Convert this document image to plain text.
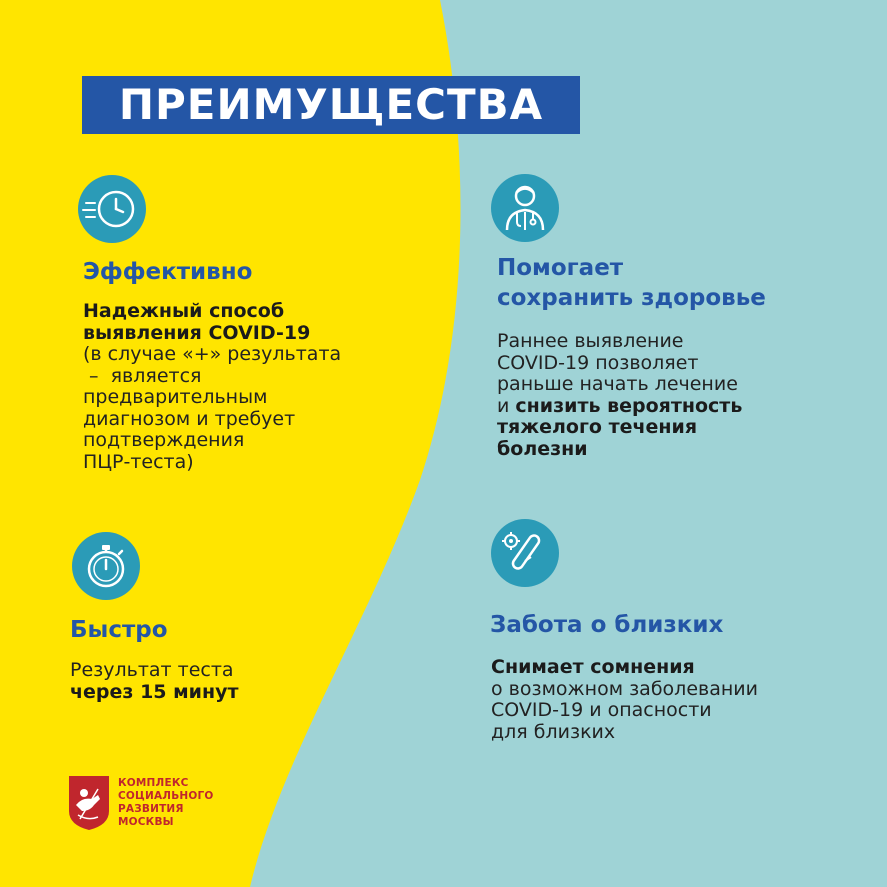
ПРЕИМУЩЕСТВА
Эффективно
Надежный способ
выявления COVID-19
(в случае «+» результата
–  является
предварительным
диагнозом и требует
подтверждения
ПЦР-теста)
Быстро
Результат теста
через 15 минут
Помогает
сохранить здоровье
Раннее выявление
COVID-19 позволяет
раньше начать лечение
и снизить вероятность
тяжелого течения
болезни
Забота о близких
Снимает сомнения
о возможном заболевании
COVID-19 и опасности
для близких
КОМПЛЕКС
СОЦИАЛЬНОГО
РАЗВИТИЯ
МОСКВЫ
